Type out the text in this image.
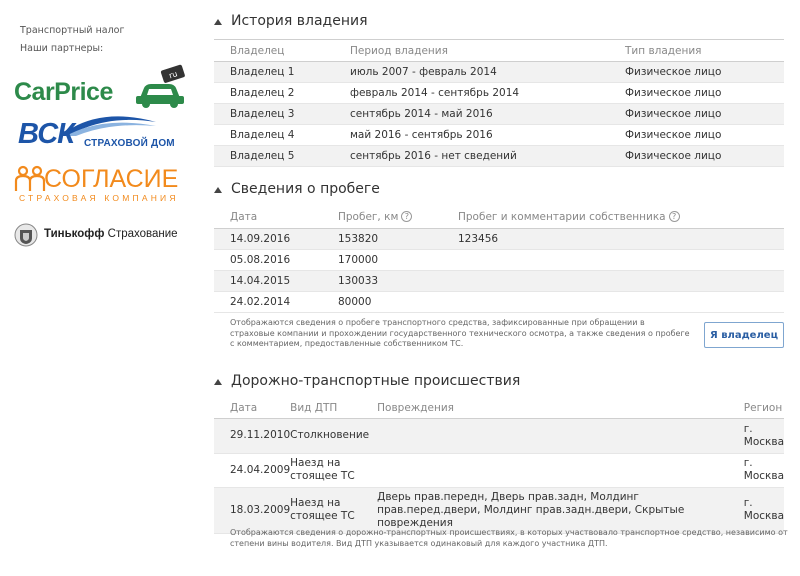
Транспортный налог
Наши партнеры:
CarPrice
ru
ВСК СТРАХОВОЙ ДОМ
СОГЛАСИЕ
СТРАХОВАЯ КОМПАНИЯ
Тинькофф Страхование
История владения
Владелец	Период владения	Тип владения
Владелец 1	июль 2007 - февраль 2014	Физическое лицо
Владелец 2	февраль 2014 - сентябрь 2014	Физическое лицо
Владелец 3	сентябрь 2014 - май 2016	Физическое лицо
Владелец 4	май 2016 - сентябрь 2016	Физическое лицо
Владелец 5	сентябрь 2016 - нет сведений	Физическое лицо
Сведения о пробеге
Дата	Пробег, км ?	Пробег и комментарии собственника ?
14.09.2016	153820	123456
05.08.2016	170000	
14.04.2015	130033	
24.02.2014	80000	
Отображаются сведения о пробеге транспортного средства, зафиксированные при обращении в страховые компании и прохождении государственного технического осмотра, а также сведения о пробеге с комментарием, предоставленные собственником ТС.
Я владелец
Дорожно-транспортные происшествия
Дата	Вид ДТП	Повреждения	Регион
29.11.2010	Столкновение		г. Москва
24.04.2009	Наезд на стоящее ТС		г. Москва
18.03.2009	Наезд на стоящее ТС	Дверь прав.передн, Дверь прав.задн, Молдинг прав.перед.двери, Молдинг прав.задн.двери, Скрытые повреждения	г. Москва
Отображаются сведения о дорожно-транспортных происшествиях, в которых участвовало транспортное средство, независимо от степени вины водителя. Вид ДТП указывается одинаковый для каждого участника ДТП.
